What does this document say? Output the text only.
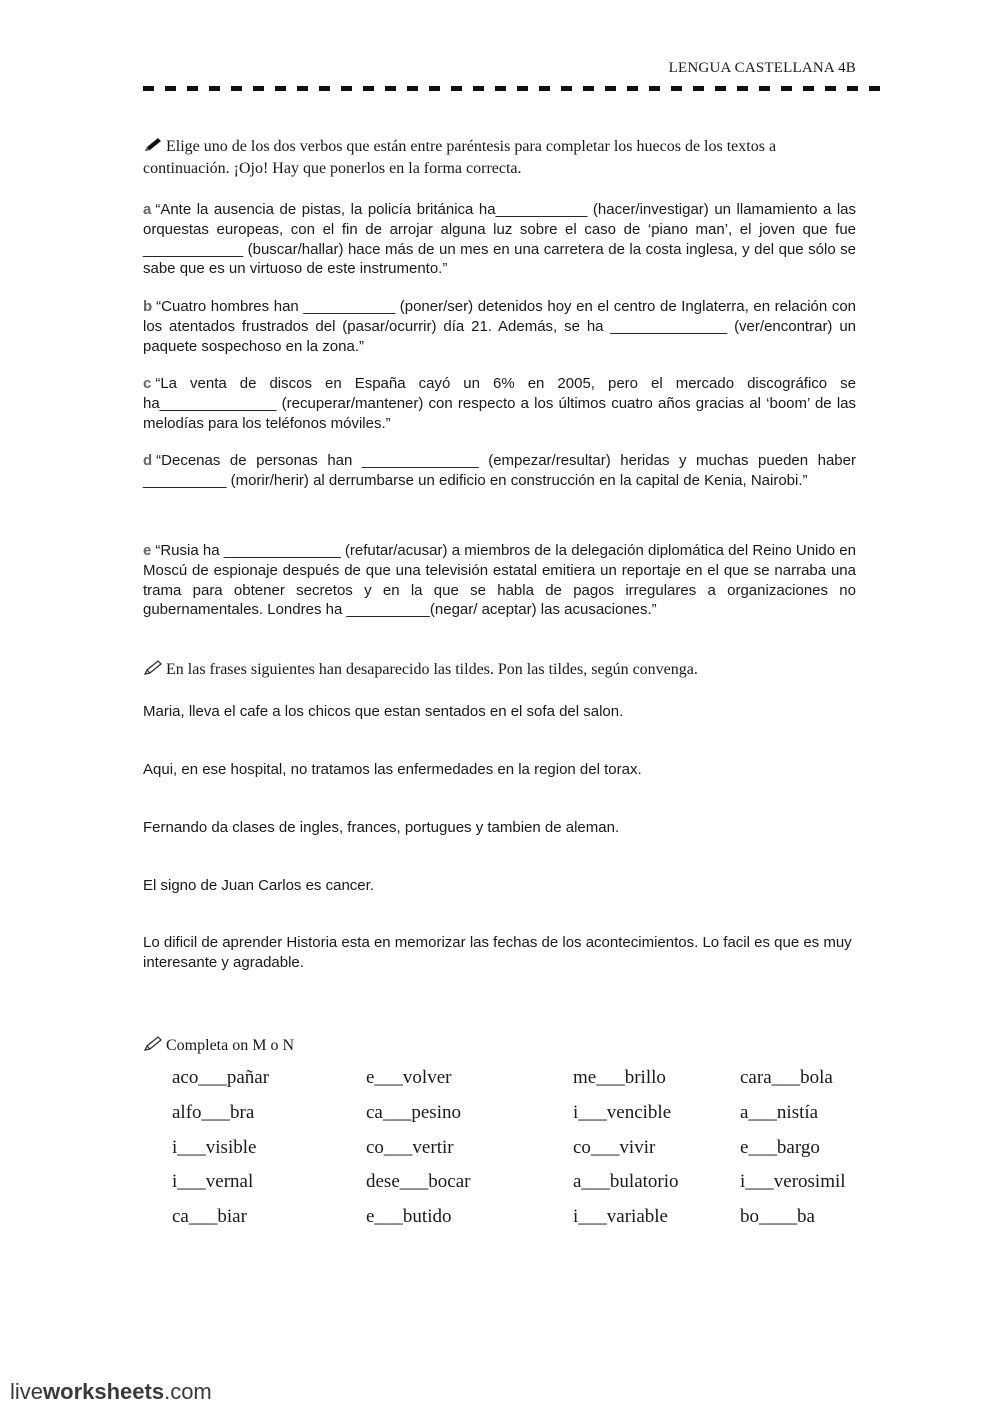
LENGUA CASTELLANA 4B
Elige uno de los dos verbos que están entre paréntesis para completar los huecos de los textos a continuación. ¡Ojo! Hay que ponerlos en la forma correcta.
a “Ante la ausencia de pistas, la policía británica ha___________ (hacer/investigar) un llamamiento a las orquestas europeas, con el fin de arrojar alguna luz sobre el caso de ‘piano man’, el joven que fue ____________ (buscar/hallar) hace más de un mes en una carretera de la costa inglesa, y del que sólo se sabe que es un virtuoso de este instrumento.”
b “Cuatro hombres han ___________ (poner/ser) detenidos hoy en el centro de Inglaterra, en relación con los atentados frustrados del (pasar/ocurrir) día 21. Además, se ha ______________ (ver/encontrar) un paquete sospechoso en la zona.”
c “La venta de discos en España cayó un 6% en 2005, pero el mercado discográfico se ha______________ (recuperar/mantener) con respecto a los últimos cuatro años gracias al ‘boom’ de las melodías para los teléfonos móviles.”
d “Decenas de personas han ______________ (empezar/resultar) heridas y muchas pueden haber __________ (morir/herir) al derrumbarse un edificio en construcción en la capital de Kenia, Nairobi.”
e “Rusia ha ______________ (refutar/acusar) a miembros de la delegación diplomática del Reino Unido en Moscú de espionaje después de que una televisión estatal emitiera un reportaje en el que se narraba una trama para obtener secretos y en la que se habla de pagos irregulares a organizaciones no gubernamentales. Londres ha __________(negar/ aceptar) las acusaciones.”
En las frases siguientes han desaparecido las tildes. Pon las tildes, según convenga.
Maria, lleva el cafe a los chicos que estan sentados en el sofa del salon.
Aqui, en ese hospital, no tratamos las enfermedades en la region del torax.
Fernando da clases de ingles, frances, portugues y tambien de aleman.
El signo de Juan Carlos es cancer.
Lo dificil de aprender Historia esta en memorizar las fechas de los acontecimientos. Lo facil es que es muy interesante y agradable.
Completa on M o N
aco___pañar	e___volver	me___brillo	cara___bola
alfo___bra	ca___pesino	i___vencible	a___nistía
i___visible	co___vertir	co___vivir	e___bargo
i___vernal	dese___bocar	a___bulatorio	i___verosimil
ca___biar	e___butido	i___variable	bo____ba
liveworksheets.com
